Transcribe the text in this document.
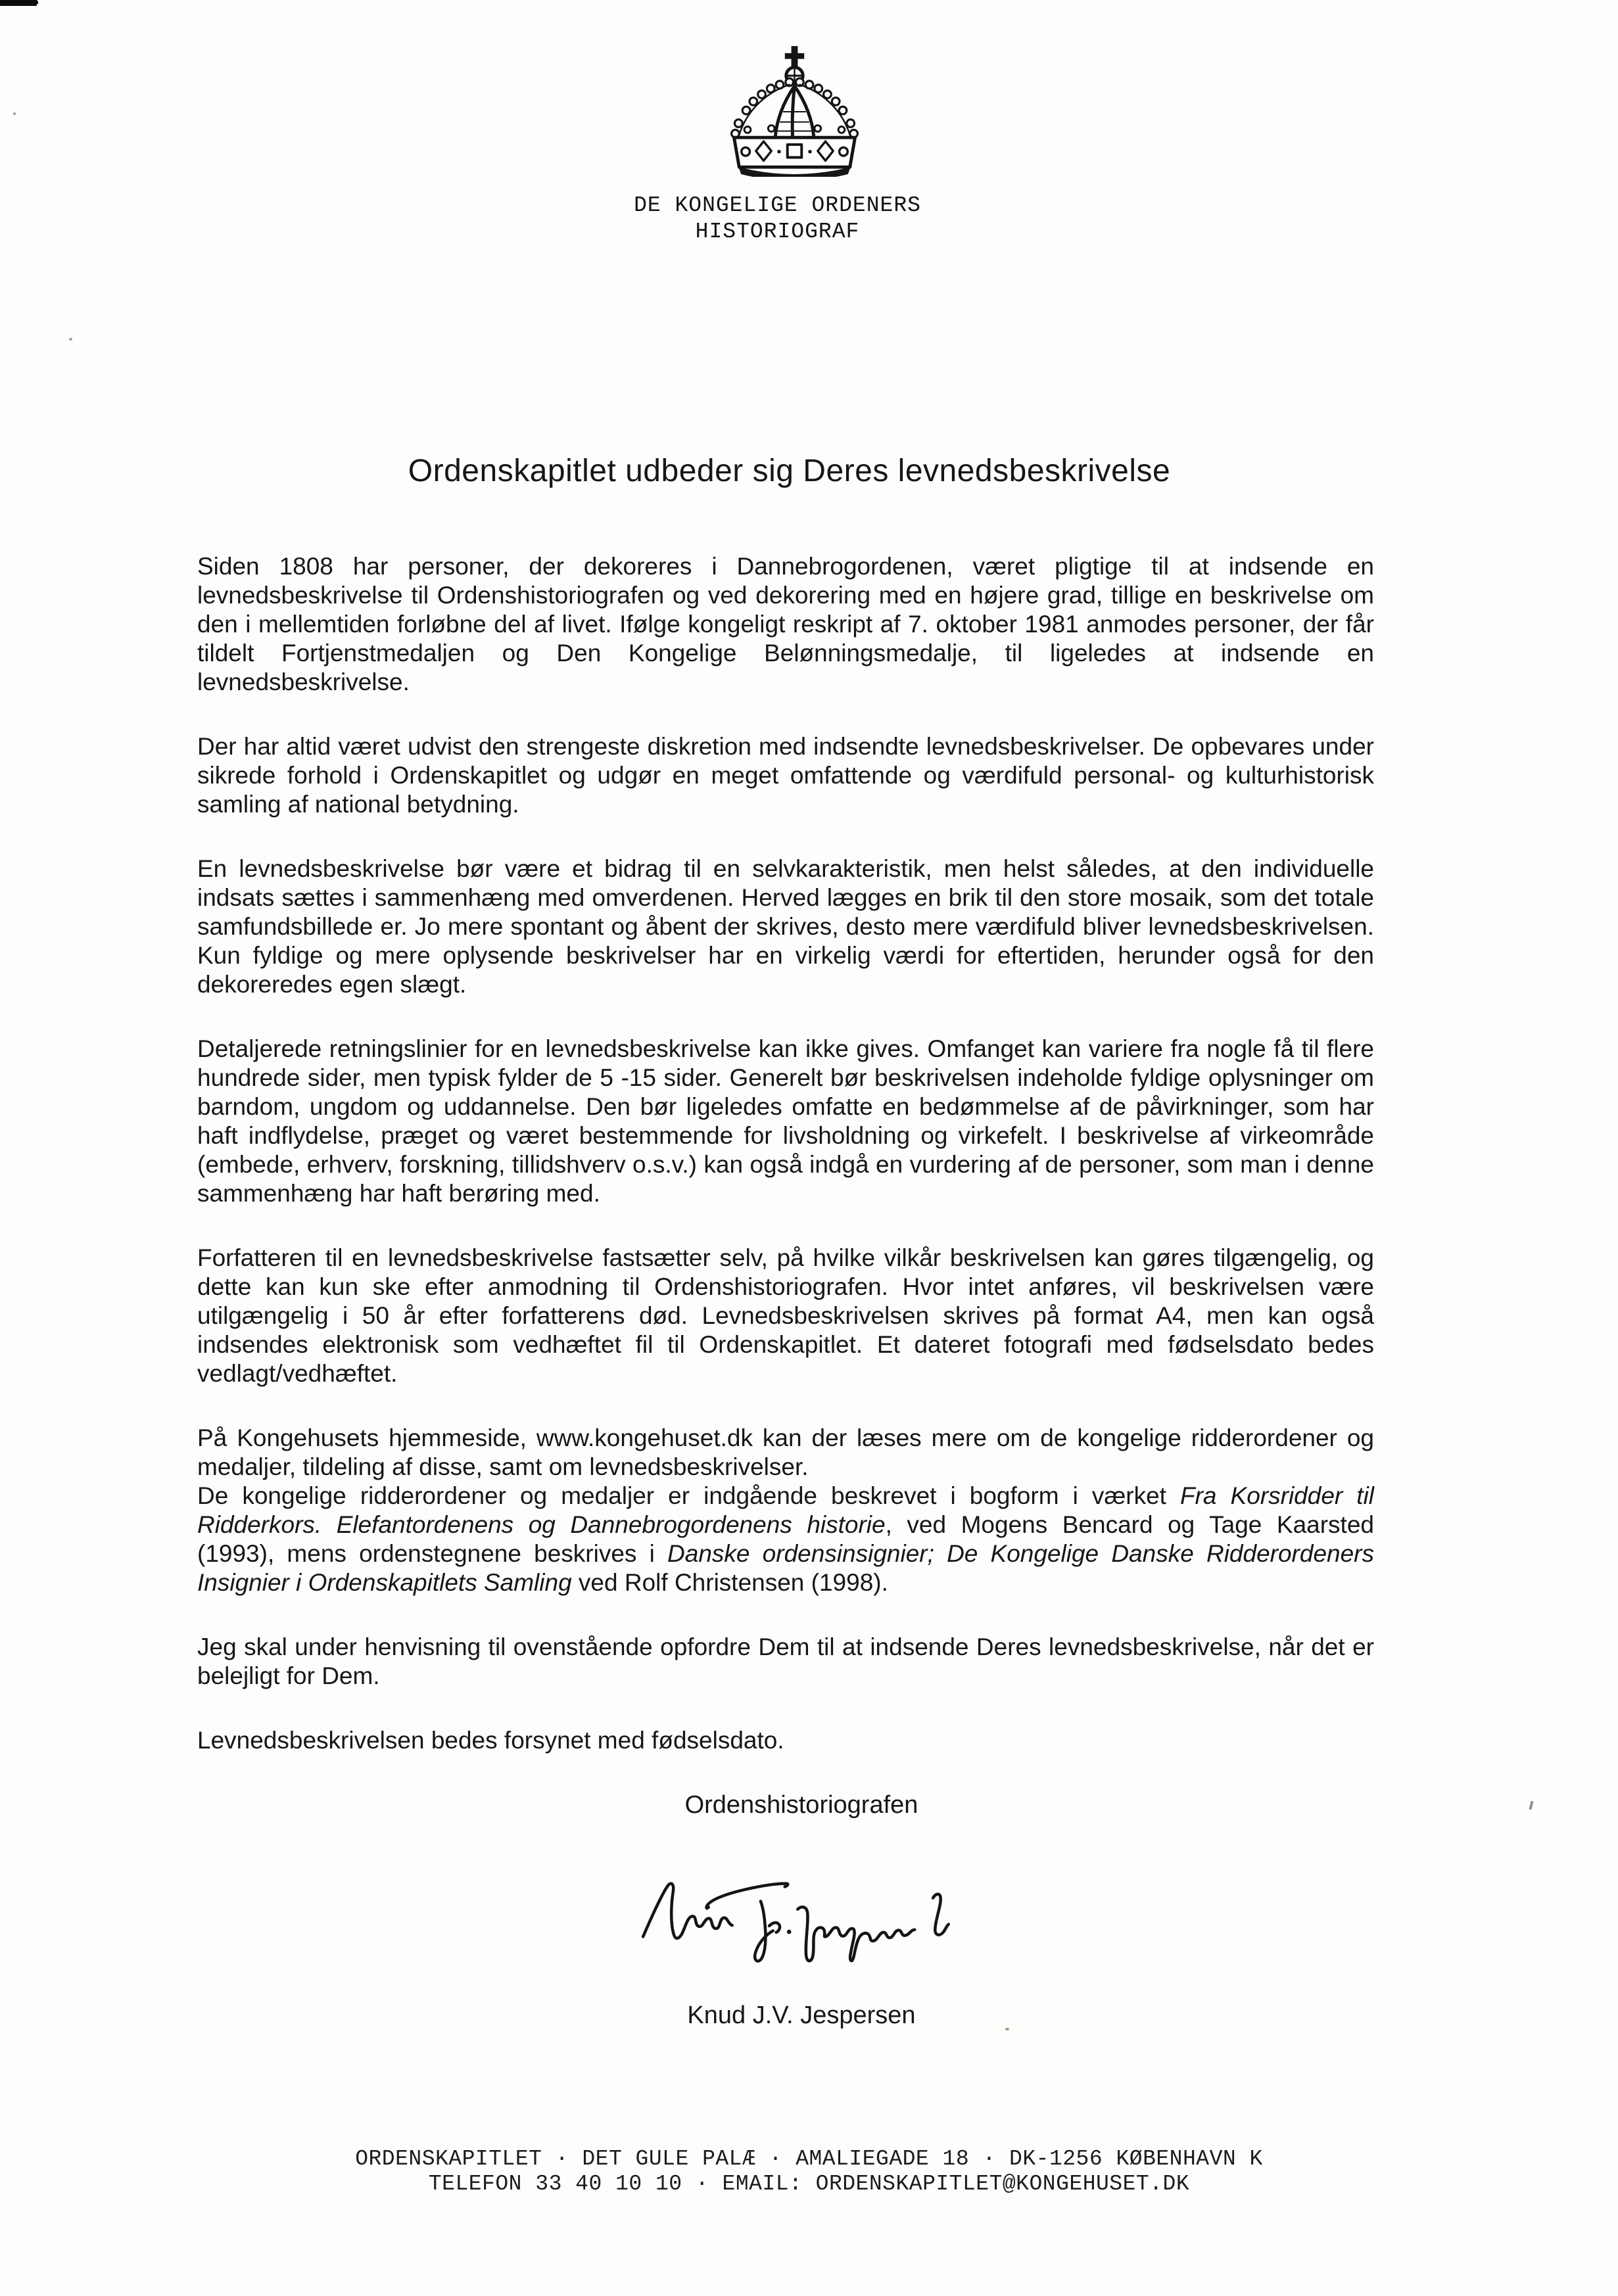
DE KONGELIGE ORDENERS
HISTORIOGRAF
Ordenskapitlet udbeder sig Deres levnedsbeskrivelse

Siden 1808 har personer, der dekoreres i Dannebrogordenen, været pligtige til at indsende en levnedsbeskrivelse til Ordenshistoriografen og ved dekorering med en højere grad, tillige en beskrivelse om den i mellemtiden forløbne del af livet. Ifølge kongeligt reskript af 7. oktober 1981 anmodes personer, der får tildelt Fortjenstmedaljen og Den Kongelige Belønningsmedalje, til ligeledes at indsende en levnedsbeskrivelse.

Der har altid været udvist den strengeste diskretion med indsendte levnedsbeskrivelser. De opbevares under sikrede forhold i Ordenskapitlet og udgør en meget omfattende og værdifuld personal- og kulturhistorisk samling af national betydning.

En levnedsbeskrivelse bør være et bidrag til en selvkarakteristik, men helst således, at den individuelle indsats sættes i sammenhæng med omverdenen. Herved lægges en brik til den store mosaik, som det totale samfundsbillede er. Jo mere spontant og åbent der skrives, desto mere værdifuld bliver levnedsbeskrivelsen. Kun fyldige og mere oplysende beskrivelser har en virkelig værdi for eftertiden, herunder også for den dekoreredes egen slægt.

Detaljerede retningslinier for en levnedsbeskrivelse kan ikke gives. Omfanget kan variere fra nogle få til flere hundrede sider, men typisk fylder de 5 -15 sider. Generelt bør beskrivelsen indeholde fyldige oplysninger om barndom, ungdom og uddannelse. Den bør ligeledes omfatte en bedømmelse af de påvirkninger, som har haft indflydelse, præget og været bestemmende for livsholdning og virkefelt. I beskrivelse af virkeområde (embede, erhverv, forskning, tillidshverv o.s.v.) kan også indgå en vurdering af de personer, som man i denne sammenhæng har haft berøring med.

Forfatteren til en levnedsbeskrivelse fastsætter selv, på hvilke vilkår beskrivelsen kan gøres tilgængelig, og dette kan kun ske efter anmodning til Ordenshistoriografen. Hvor intet anføres, vil beskrivelsen være utilgængelig i 50 år efter forfatterens død. Levnedsbeskrivelsen skrives på format A4, men kan også indsendes elektronisk som vedhæftet fil til Ordenskapitlet. Et dateret fotografi med fødselsdato bedes vedlagt/vedhæftet.

På Kongehusets hjemmeside, www.kongehuset.dk kan der læses mere om de kongelige ridderordener og medaljer, tildeling af disse, samt om levnedsbeskrivelser.

De kongelige ridderordener og medaljer er indgående beskrevet i bogform i værket Fra Korsridder til Ridderkors. Elefantordenens og Dannebrogordenens historie, ved Mogens Bencard og Tage Kaarsted (1993), mens ordenstegnene beskrives i Danske ordensinsignier; De Kongelige Danske Ridderordeners Insignier i Ordenskapitlets Samling ved Rolf Christensen (1998).

Jeg skal under henvisning til ovenstående opfordre Dem til at indsende Deres levnedsbeskrivelse, når det er belejligt for Dem.

Levnedsbeskrivelsen bedes forsynet med fødselsdato.

Ordenshistoriografen
Knud J.V. Jespersen
ORDENSKAPITLET · DET GULE PALÆ · AMALIEGADE 18 · DK-1256 KØBENHAVN K
TELEFON 33 40 10 10 · EMAIL: ORDENSKAPITLET@KONGEHUSET.DK
